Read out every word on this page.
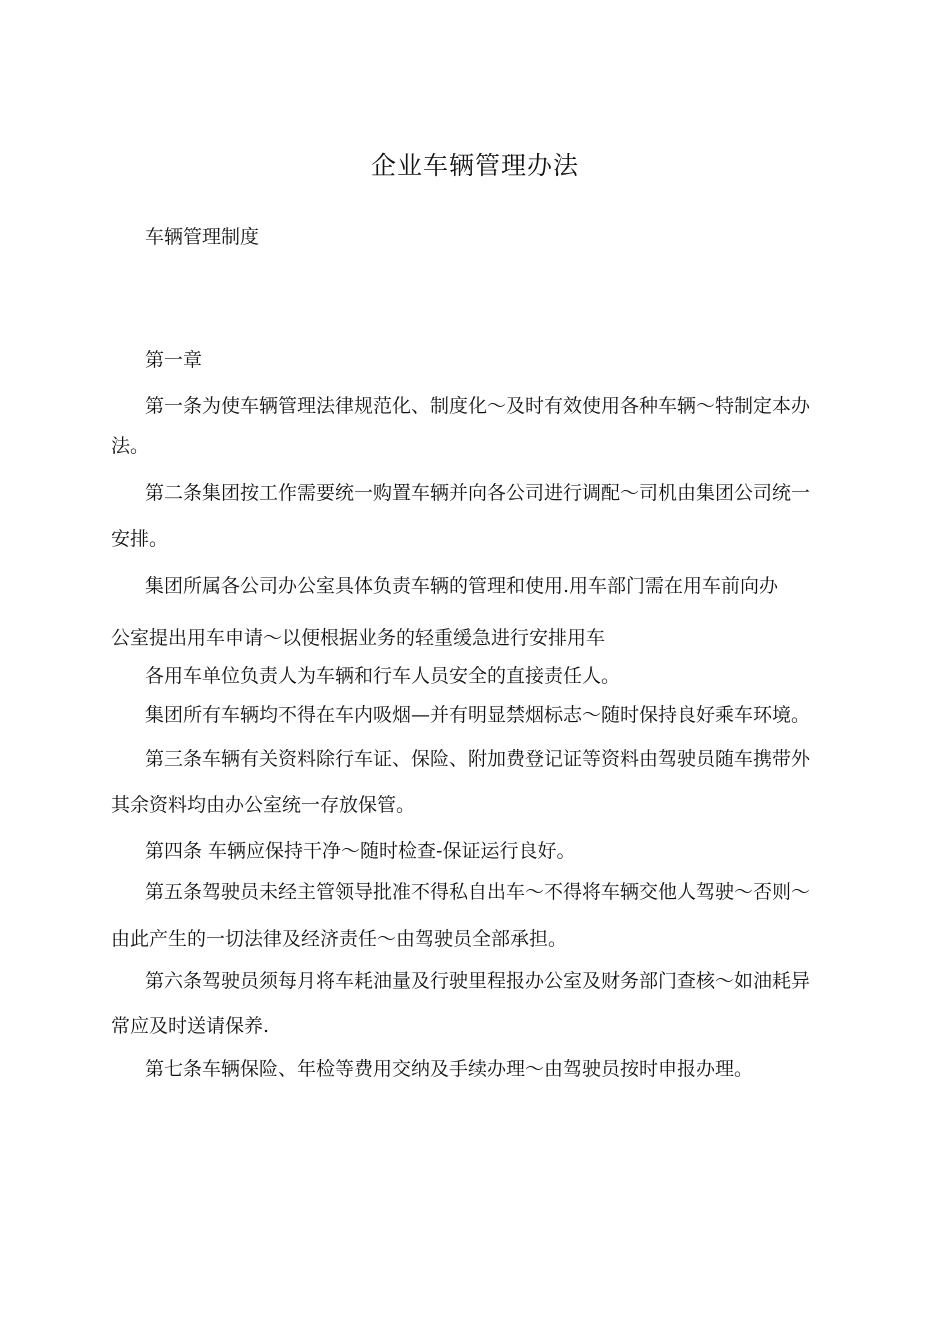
企业车辆管理办法
车辆管理制度
第一章
第一条为使车辆管理法律规范化、制度化〜及时有效使用各种车辆〜特制定本办
法。
第二条集团按工作需要统一购置车辆并向各公司进行调配〜司机由集团公司统一
安排。
集团所属各公司办公室具体负责车辆的管理和使用.用车部门需在用车前向办
公室提出用车申请〜以便根据业务的轻重缓急进行安排用车
各用车单位负责人为车辆和行车人员安全的直接责任人。
集团所有车辆均不得在车内吸烟—并有明显禁烟标志〜随时保持良好乘车环境。
第三条车辆有关资料除行车证、保险、附加费登记证等资料由驾驶员随车携带外
其余资料均由办公室统一存放保管。
第四条 车辆应保持干净〜随时检查-保证运行良好。
第五条驾驶员未经主管领导批准不得私自出车〜不得将车辆交他人驾驶〜否则〜
由此产生的一切法律及经济责任〜由驾驶员全部承担。
第六条驾驶员须每月将车耗油量及行驶里程报办公室及财务部门查核〜如油耗异
常应及时送请保养.
第七条车辆保险、年检等费用交纳及手续办理〜由驾驶员按时申报办理。
